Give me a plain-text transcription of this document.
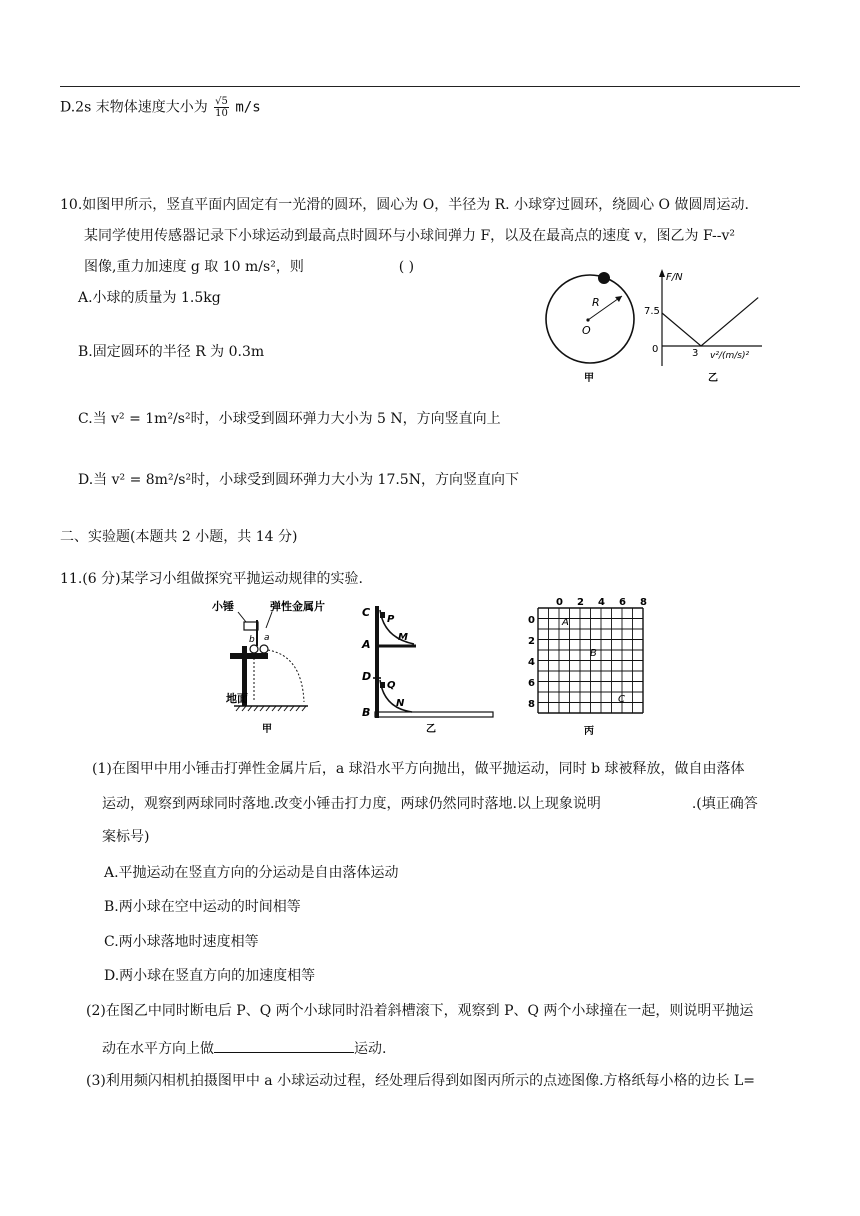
D.2s 末物体速度大小为 $\frac{√5}{10} m/s$
10.如图甲所示，竖直平面内固定有一光滑的圆环，圆心为 O，半径为 R. 小球穿过圆环，绕圆心 O 做圆周运动.
某同学使用传感器记录下小球运动到最高点时圆环与小球间弹力 F，以及在最高点的速度 v，图乙为 F--v²
图像,重力加速度 g 取 10 m/s²，则	( )
A.小球的质量为 1.5kg
B.固定圆环的半径 R 为 0.3m
C.当 v² = 1m²/s²时，小球受到圆环弹力大小为 5 N，方向竖直向上
D.当 v² = 8m²/s²时，小球受到圆环弹力大小为 17.5N，方向竖直向下
R
O
甲
F/N
7.5
0	3 v²/(m/s)²
乙
二、实验题(本题共 2 小题，共 14 分)
11.(6 分)某学习小组做探究平抛运动规律的实验.
小锤	弹性金属片
b a
地面
甲
C
P
M
A
D
Q
N
B
乙
0 2 4 6 8
0
2
4
6
8
A
B
C
丙
(1)在图甲中用小锤击打弹性金属片后，a 球沿水平方向抛出，做平抛运动，同时 b 球被释放，做自由落体
运动，观察到两球同时落地.改变小锤击打力度，两球仍然同时落地.以上现象说明	.(填正确答
案标号)
A.平抛运动在竖直方向的分运动是自由落体运动
B.两小球在空中运动的时间相等
C.两小球落地时速度相等
D.两小球在竖直方向的加速度相等
(2)在图乙中同时断电后 P、Q 两个小球同时沿着斜槽滚下，观察到 P、Q 两个小球撞在一起，则说明平抛运
动在水平方向上做	运动.
(3)利用频闪相机拍摄图甲中 a 小球运动过程，经处理后得到如图丙所示的点迹图像.方格纸每小格的边长 L=
